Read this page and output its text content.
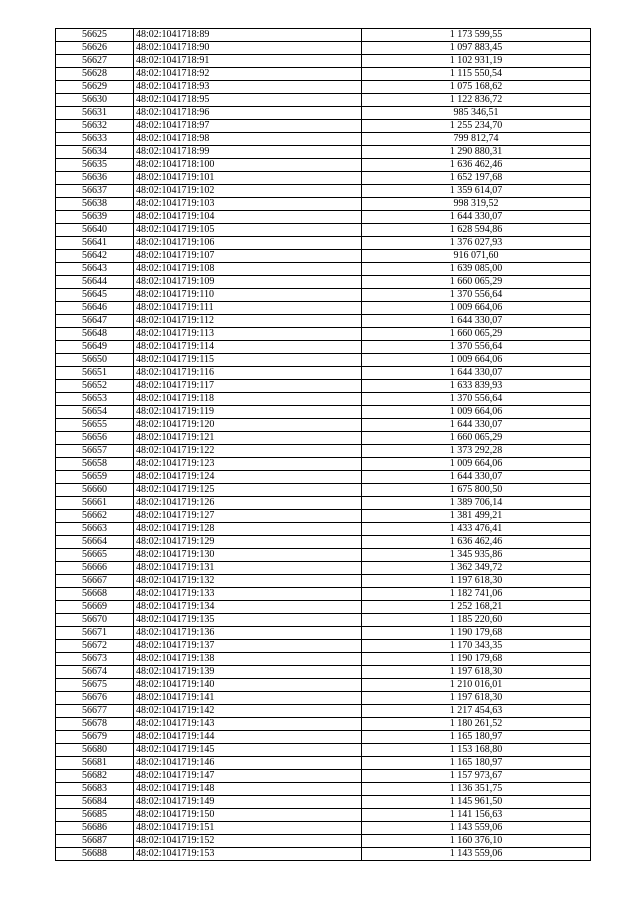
56625	48:02:1041718:89	1 173 599,55
56626	48:02:1041718:90	1 097 883,45
56627	48:02:1041718:91	1 102 931,19
56628	48:02:1041718:92	1 115 550,54
56629	48:02:1041718:93	1 075 168,62
56630	48:02:1041718:95	1 122 836,72
56631	48:02:1041718:96	985 346,51
56632	48:02:1041718:97	1 255 234,70
56633	48:02:1041718:98	799 812,74
56634	48:02:1041718:99	1 290 880,31
56635	48:02:1041718:100	1 636 462,46
56636	48:02:1041719:101	1 652 197,68
56637	48:02:1041719:102	1 359 614,07
56638	48:02:1041719:103	998 319,52
56639	48:02:1041719:104	1 644 330,07
56640	48:02:1041719:105	1 628 594,86
56641	48:02:1041719:106	1 376 027,93
56642	48:02:1041719:107	916 071,60
56643	48:02:1041719:108	1 639 085,00
56644	48:02:1041719:109	1 660 065,29
56645	48:02:1041719:110	1 370 556,64
56646	48:02:1041719:111	1 009 664,06
56647	48:02:1041719:112	1 644 330,07
56648	48:02:1041719:113	1 660 065,29
56649	48:02:1041719:114	1 370 556,64
56650	48:02:1041719:115	1 009 664,06
56651	48:02:1041719:116	1 644 330,07
56652	48:02:1041719:117	1 633 839,93
56653	48:02:1041719:118	1 370 556,64
56654	48:02:1041719:119	1 009 664,06
56655	48:02:1041719:120	1 644 330,07
56656	48:02:1041719:121	1 660 065,29
56657	48:02:1041719:122	1 373 292,28
56658	48:02:1041719:123	1 009 664,06
56659	48:02:1041719:124	1 644 330,07
56660	48:02:1041719:125	1 675 800,50
56661	48:02:1041719:126	1 389 706,14
56662	48:02:1041719:127	1 381 499,21
56663	48:02:1041719:128	1 433 476,41
56664	48:02:1041719:129	1 636 462,46
56665	48:02:1041719:130	1 345 935,86
56666	48:02:1041719:131	1 362 349,72
56667	48:02:1041719:132	1 197 618,30
56668	48:02:1041719:133	1 182 741,06
56669	48:02:1041719:134	1 252 168,21
56670	48:02:1041719:135	1 185 220,60
56671	48:02:1041719:136	1 190 179,68
56672	48:02:1041719:137	1 170 343,35
56673	48:02:1041719:138	1 190 179,68
56674	48:02:1041719:139	1 197 618,30
56675	48:02:1041719:140	1 210 016,01
56676	48:02:1041719:141	1 197 618,30
56677	48:02:1041719:142	1 217 454,63
56678	48:02:1041719:143	1 180 261,52
56679	48:02:1041719:144	1 165 180,97
56680	48:02:1041719:145	1 153 168,80
56681	48:02:1041719:146	1 165 180,97
56682	48:02:1041719:147	1 157 973,67
56683	48:02:1041719:148	1 136 351,75
56684	48:02:1041719:149	1 145 961,50
56685	48:02:1041719:150	1 141 156,63
56686	48:02:1041719:151	1 143 559,06
56687	48:02:1041719:152	1 160 376,10
56688	48:02:1041719:153	1 143 559,06
